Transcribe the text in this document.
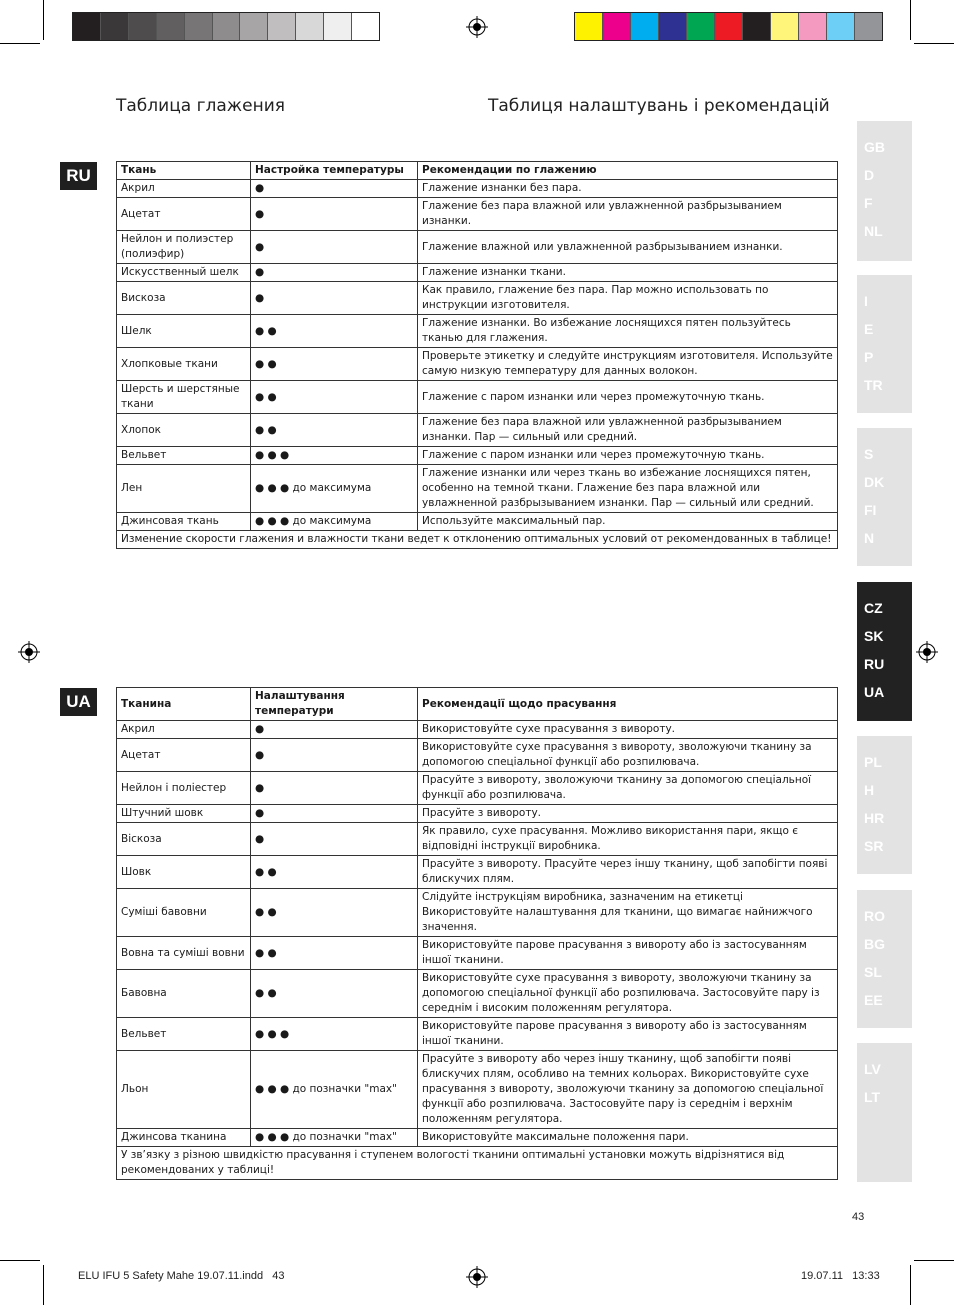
Таблица глажения	Таблиця налаштувань і рекомендацій
GB
D
F
NL
I
E
P
TR
S
DK
FI
N
CZ
SK
RU
UA
PL
H
HR
SR
RO
BG
SL
EE
LV
LT
RU	Ткань	Настройка температуры	Рекомендации по глажению
Акрил	●	Глажение изнанки без пара.
Ацетат	●	Глажение без пара влажной или увлажненной разбрызыванием изнанки.
Нейлон и полиэстер (полиэфир)	●	Глажение влажной или увлажненной разбрызыванием изнанки.
Искусственный шелк	●	Глажение изнанки ткани.
Вискоза	●	Как правило, глажение без пара. Пар можно использовать по инструкции изготовителя.
Шелк	● ●	Глажение изнанки. Во избежание лоснящихся пятен пользуйтесь тканью для глажения.
Хлопковые ткани	● ●	Проверьте этикетку и следуйте инструкциям изготовителя. Используйте самую низкую температуру для данных волокон.
Шерсть и шерстяные ткани	● ●	Глажение с паром изнанки или через промежуточную ткань.
Хлопок	● ●	Глажение без пара влажной или увлажненной разбрызыванием изнанки. Пар — сильный или средний.
Вельвет	● ● ●	Глажение с паром изнанки или через промежуточную ткань.
Лен	● ● ● до максимума	Глажение изнанки или через ткань во избежание лоснящихся пятен, особенно на темной ткани. Глажение без пара влажной или увлажненной разбрызыванием изнанки. Пар — сильный или средний.
Джинсовая ткань	● ● ● до максимума	Используйте максимальный пар.
Изменение скорости глажения и влажности ткани ведет к отклонению оптимальных условий от рекомендованных в таблице!		
UA	Тканина	Налаштування температури	Рекомендації щодо прасування
Акрил	●	Використовуйте сухе прасування з вивороту.
Ацетат	●	Використовуйте сухе прасування з вивороту, зволожуючи тканину за допомогою спеціальної функції або розпилювача.
Нейлон і поліестер	●	Прасуйте з вивороту, зволожуючи тканину за допомогою спеціальної функції або розпилювача.
Штучний шовк	●	Прасуйте з вивороту.
Віскоза	●	Як правило, сухе прасування. Можливо використання пари, якщо є відповідні інструкції виробника.
Шовк	● ●	Прасуйте з вивороту. Прасуйте через іншу тканину, щоб запобігти появі блискучих плям.
Суміші бавовни	● ●	Слідуйте інструкціям виробника, зазначеним на етикетці Використовуйте налаштування для тканини, що вимагає найнижчого значення.
Вовна та суміші вовни	● ●	Використовуйте парове прасування з вивороту або із застосуванням іншої тканини.
Бавовна	● ●	Використовуйте сухе прасування з вивороту, зволожуючи тканину за допомогою спеціальної функції або розпилювача. Застосовуйте пару із середнім і високим положенням регулятора.
Вельвет	● ● ●	Використовуйте парове прасування з вивороту або із застосуванням іншої тканини.
Льон	● ● ● до позначки "max"	Прасуйте з вивороту або через іншу тканину, щоб запобігти появі блискучих плям, особливо на темних кольорах. Використовуйте сухе прасування з вивороту, зволожуючи тканину за допомогою спеціальної функції або розпилювача. Застосовуйте пару із середнім і верхнім положенням регулятора.
Джинсова тканина	● ● ● до позначки "max"	Використовуйте максимальне положення пари.
У зв’язку з різною швидкістю прасування і ступенем вологості тканини оптимальні установки можуть відрізнятися від рекомендованих у таблиці!		
43
ELU IFU 5 Safety Mahe 19.07.11.indd   43	19.07.11   13:33
